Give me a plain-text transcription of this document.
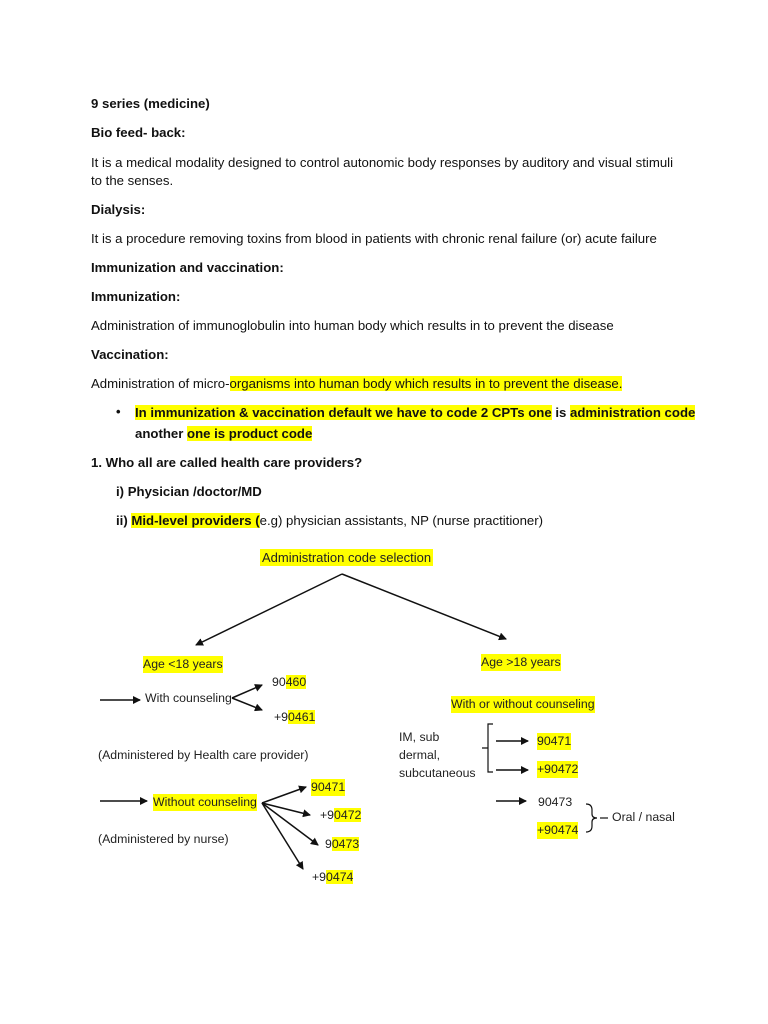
9 series (medicine)
Bio feed- back:
It is a medical modality designed to control autonomic body responses by auditory and visual stimuli to the senses.
Dialysis:
It is a procedure removing toxins from blood in patients with chronic renal failure (or) acute failure
Immunization and vaccination:
Immunization:
Administration of immunoglobulin into human body which results in to prevent the disease
Vaccination:
Administration of micro-organisms into human body which results in to prevent the disease.
• In immunization & vaccination default we have to code 2 CPTs one is administration code
another one is product code
1. Who all are called health care providers?
i) Physician /doctor/MD
ii) Mid-level providers (e.g) physician assistants, NP (nurse practitioner)
Administration code selection
Age <18 years	Age >18 years
With counseling
90460
+90461
(Administered by Health care provider)
Without counseling
(Administered by nurse)
90471
+90472
90473
+90474
With or without counseling
IM, sub
dermal,
subcutaneous
90471
+90472
90473
+90474
Oral / nasal
